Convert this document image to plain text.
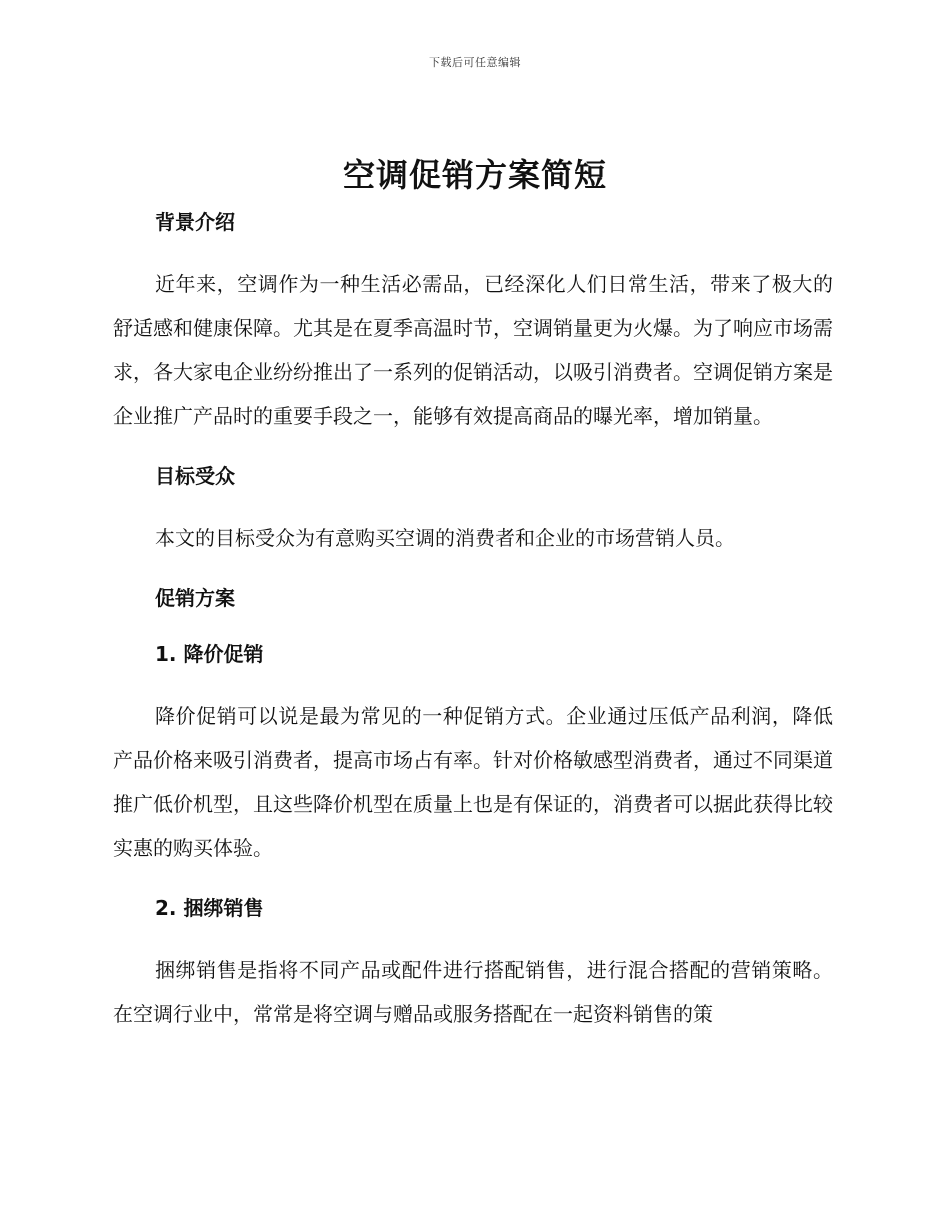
下载后可任意编辑
空调促销方案简短

背景介绍

近年来，空调作为一种生活必需品，已经深化人们日常生活，带来了极大的舒适感和健康保障。尤其是在夏季高温时节，空调销量更为火爆。为了响应市场需求，各大家电企业纷纷推出了一系列的促销活动，以吸引消费者。空调促销方案是企业推广产品时的重要手段之一，能够有效提高商品的曝光率，增加销量。

目标受众

本文的目标受众为有意购买空调的消费者和企业的市场营销人员。

促销方案

1. 降价促销

降价促销可以说是最为常见的一种促销方式。企业通过压低产品利润，降低产品价格来吸引消费者，提高市场占有率。针对价格敏感型消费者，通过不同渠道推广低价机型，且这些降价机型在质量上也是有保证的，消费者可以据此获得比较实惠的购买体验。

2. 捆绑销售

捆绑销售是指将不同产品或配件进行搭配销售，进行混合搭配的营销策略。在空调行业中，常常是将空调与赠品或服务搭配在一起资料销售的策
